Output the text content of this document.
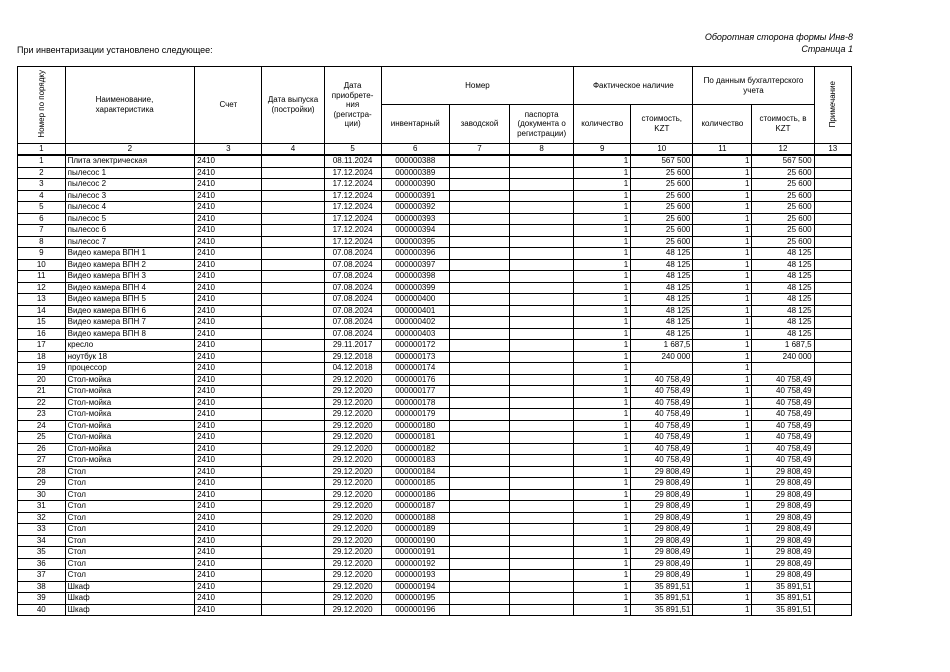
Оборотная сторона формы Инв-8
Страница 1
При инвентаризации установлено следующее:
Номер по порядку	Наименование, характеристика	Счет	Дата выпуска (постройки)	Дата приобрете-ния (регистра-ции)	Номер			Фактическое наличие		По данным бухгалтерского учета		Примечание
					инвентарный	заводской	паспорта (документа о регистрации)	количество	стоимость, KZT	количество	стоимость, в KZT	
1	2	3	4	5	6	7	8	9	10	11	12	13
1	Плита электрическая	2410		08.11.2024	000000388			1	567 500	1	567 500	
2	пылесос 1	2410		17.12.2024	000000389			1	25 600	1	25 600	
3	пылесос 2	2410		17.12.2024	000000390			1	25 600	1	25 600	
4	пылесос 3	2410		17.12.2024	000000391			1	25 600	1	25 600	
5	пылесос 4	2410		17.12.2024	000000392			1	25 600	1	25 600	
6	пылесос 5	2410		17.12.2024	000000393			1	25 600	1	25 600	
7	пылесос 6	2410		17.12.2024	000000394			1	25 600	1	25 600	
8	пылесос 7	2410		17.12.2024	000000395			1	25 600	1	25 600	
9	Видео камера ВПН 1	2410		07.08.2024	000000396			1	48 125	1	48 125	
10	Видео камера ВПН 2	2410		07.08.2024	000000397			1	48 125	1	48 125	
11	Видео камера ВПН 3	2410		07.08.2024	000000398			1	48 125	1	48 125	
12	Видео камера ВПН 4	2410		07.08.2024	000000399			1	48 125	1	48 125	
13	Видео камера ВПН 5	2410		07.08.2024	000000400			1	48 125	1	48 125	
14	Видео камера ВПН 6	2410		07.08.2024	000000401			1	48 125	1	48 125	
15	Видео камера ВПН 7	2410		07.08.2024	000000402			1	48 125	1	48 125	
16	Видео камера ВПН 8	2410		07.08.2024	000000403			1	48 125	1	48 125	
17	кресло	2410		29.11.2017	000000172			1	1 687,5	1	1 687,5	
18	ноутбук 18	2410		29.12.2018	000000173			1	240 000	1	240 000	
19	процессор	2410		04.12.2018	000000174			1		1		
20	Стол-мойка	2410		29.12.2020	000000176			1	40 758,49	1	40 758,49	
21	Стол-мойка	2410		29.12.2020	000000177			1	40 758,49	1	40 758,49	
22	Стол-мойка	2410		29.12.2020	000000178			1	40 758,49	1	40 758,49	
23	Стол-мойка	2410		29.12.2020	000000179			1	40 758,49	1	40 758,49	
24	Стол-мойка	2410		29.12.2020	000000180			1	40 758,49	1	40 758,49	
25	Стол-мойка	2410		29.12.2020	000000181			1	40 758,49	1	40 758,49	
26	Стол-мойка	2410		29.12.2020	000000182			1	40 758,49	1	40 758,49	
27	Стол-мойка	2410		29.12.2020	000000183			1	40 758,49	1	40 758,49	
28	Стол	2410		29.12.2020	000000184			1	29 808,49	1	29 808,49	
29	Стол	2410		29.12.2020	000000185			1	29 808,49	1	29 808,49	
30	Стол	2410		29.12.2020	000000186			1	29 808,49	1	29 808,49	
31	Стол	2410		29.12.2020	000000187			1	29 808,49	1	29 808,49	
32	Стол	2410		29.12.2020	000000188			1	29 808,49	1	29 808,49	
33	Стол	2410		29.12.2020	000000189			1	29 808,49	1	29 808,49	
34	Стол	2410		29.12.2020	000000190			1	29 808,49	1	29 808,49	
35	Стол	2410		29.12.2020	000000191			1	29 808,49	1	29 808,49	
36	Стол	2410		29.12.2020	000000192			1	29 808,49	1	29 808,49	
37	Стол	2410		29.12.2020	000000193			1	29 808,49	1	29 808,49	
38	Шкаф	2410		29.12.2020	000000194			1	35 891,51	1	35 891,51	
39	Шкаф	2410		29.12.2020	000000195			1	35 891,51	1	35 891,51	
40	Шкаф	2410		29.12.2020	000000196			1	35 891,51	1	35 891,51	
